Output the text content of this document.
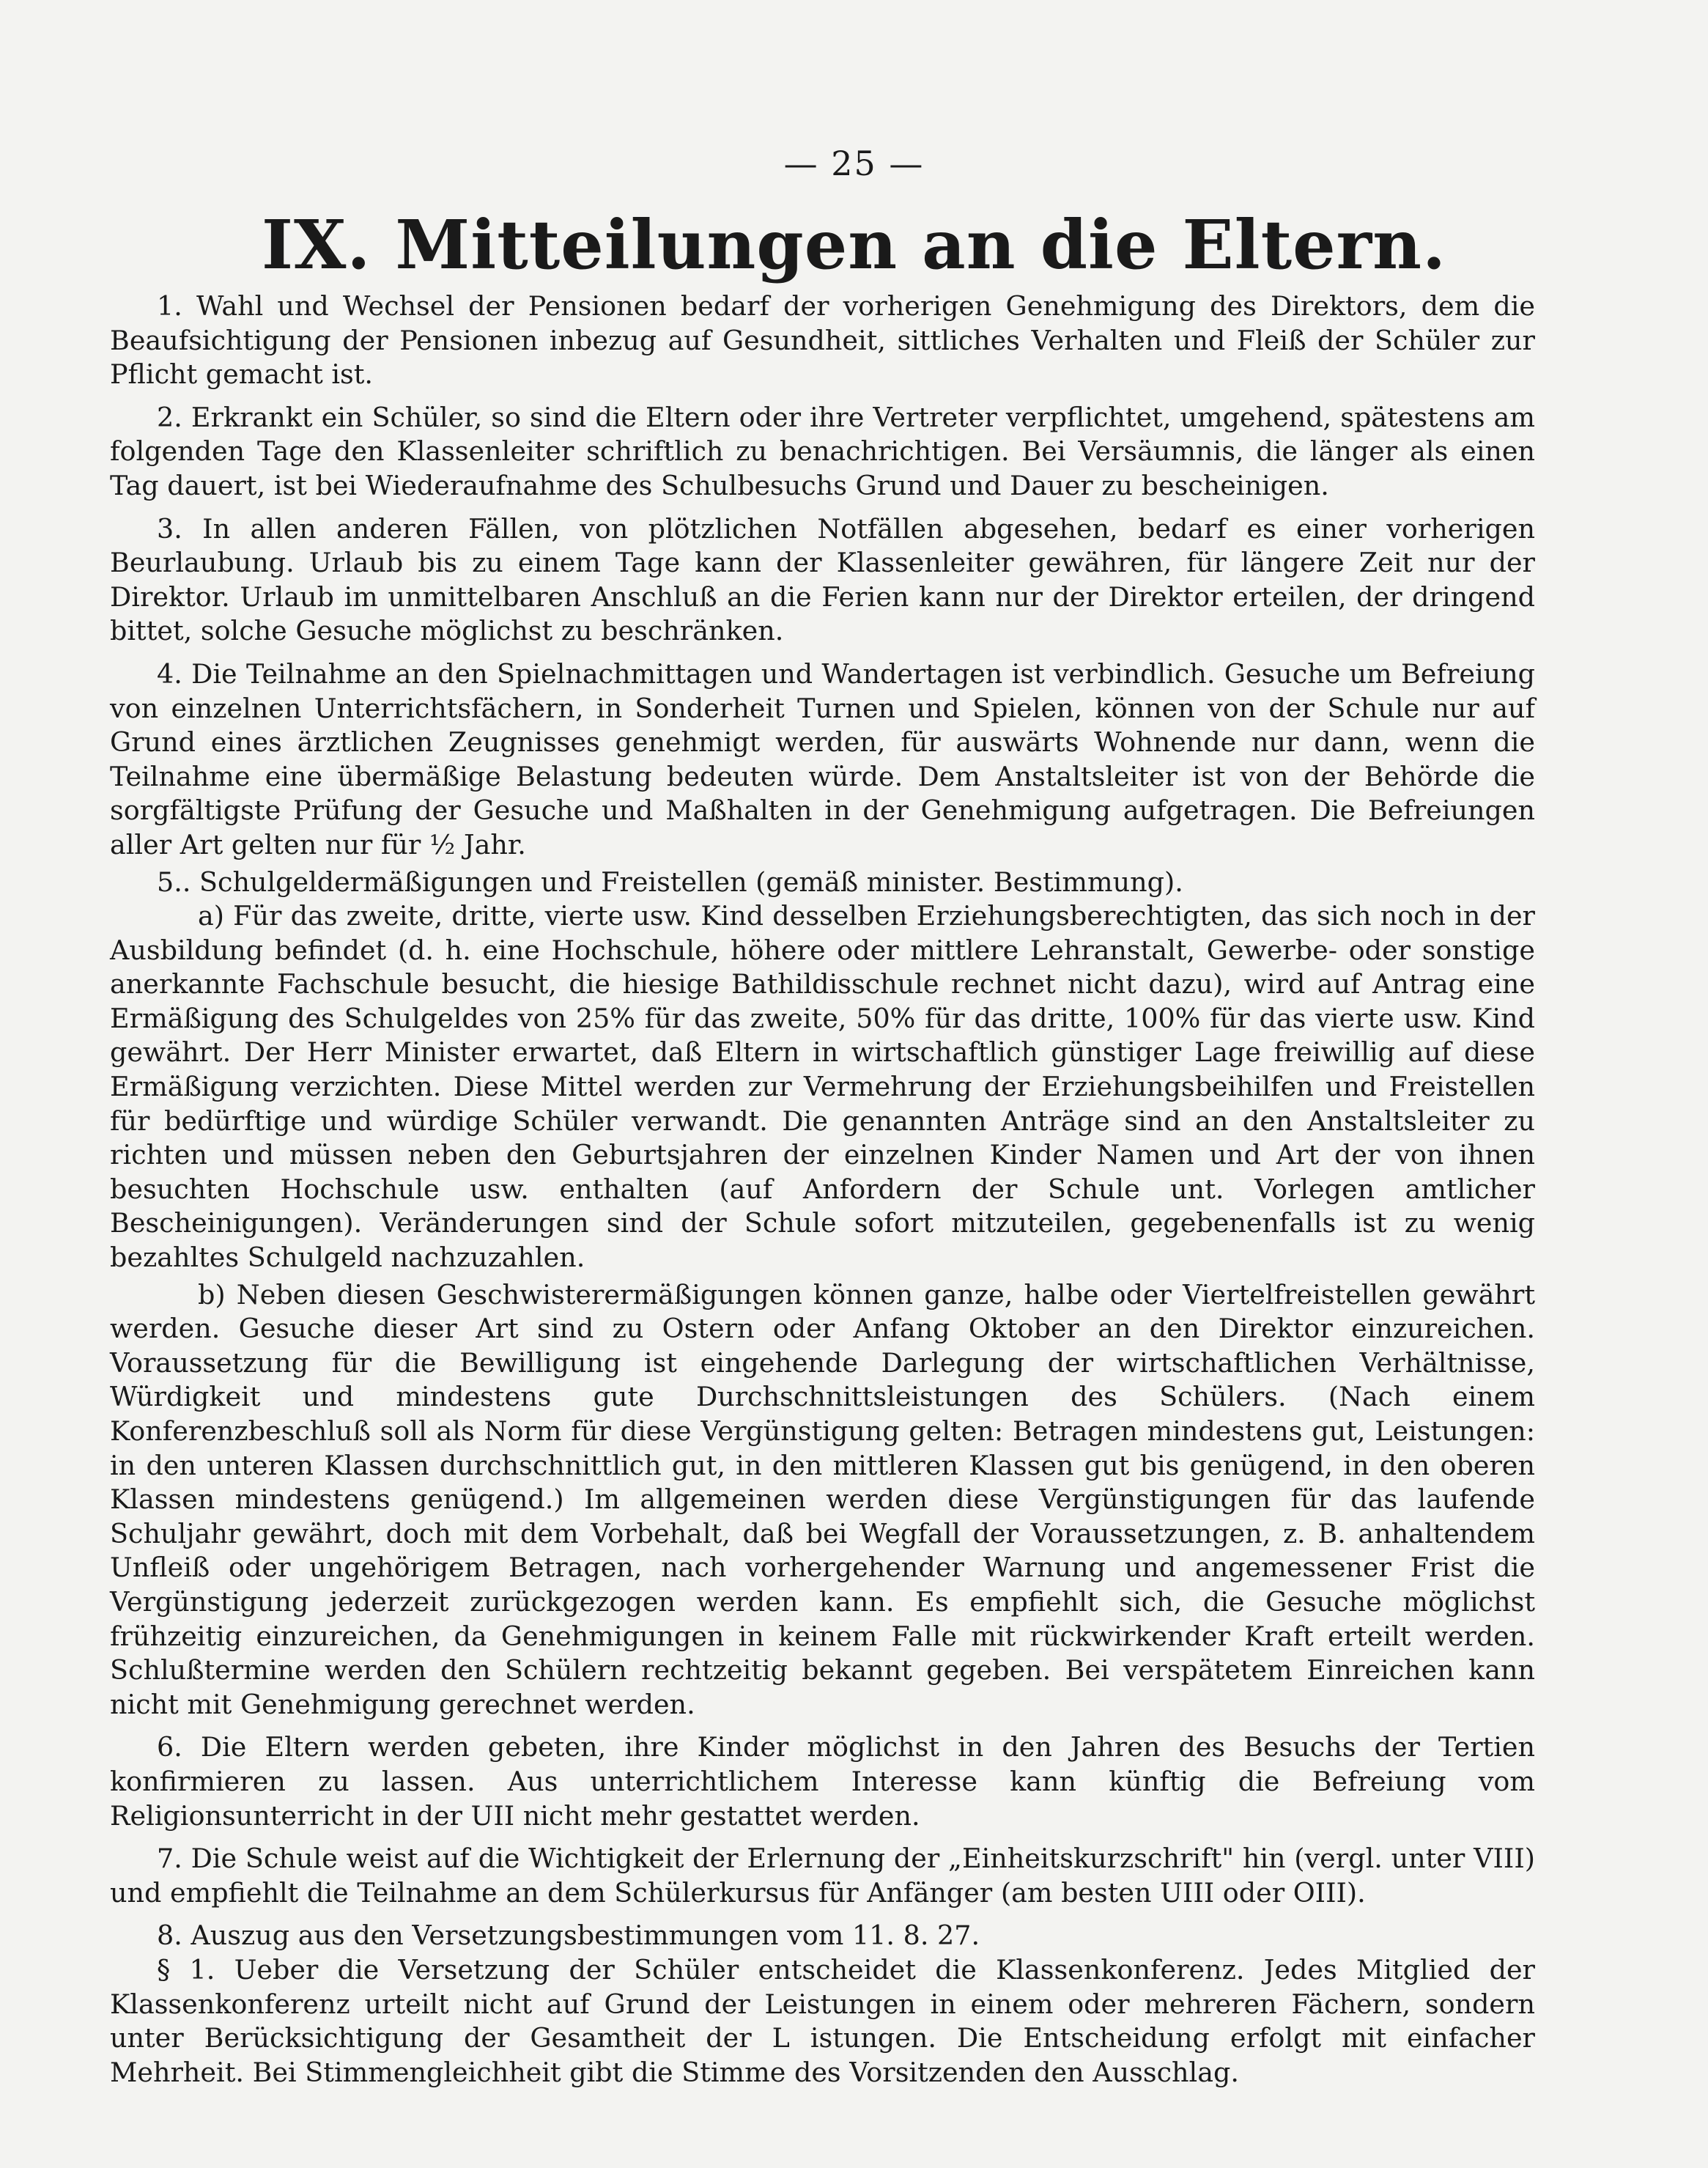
— 25 —
IX. Mitteilungen an die Eltern.

1. Wahl und Wechsel der Pensionen bedarf der vorherigen Genehmigung des Direktors, dem die Beaufsichtigung der Pensionen inbezug auf Gesundheit, sittliches Verhalten und Fleiß der Schüler zur Pflicht gemacht ist.

2. Erkrankt ein Schüler, so sind die Eltern oder ihre Vertreter verpflichtet, umgehend, spätestens am folgenden Tage den Klassenleiter schriftlich zu benachrichtigen. Bei Versäumnis, die länger als einen Tag dauert, ist bei Wiederaufnahme des Schulbesuchs Grund und Dauer zu bescheinigen.

3. In allen anderen Fällen, von plötzlichen Notfällen abgesehen, bedarf es einer vorherigen Beurlaubung. Urlaub bis zu einem Tage kann der Klassenleiter gewähren, für längere Zeit nur der Direktor. Urlaub im unmittelbaren Anschluß an die Ferien kann nur der Direktor erteilen, der dringend bittet, solche Gesuche möglichst zu beschränken.

4. Die Teilnahme an den Spielnachmittagen und Wandertagen ist verbindlich. Gesuche um Befreiung von einzelnen Unterrichtsfächern, in Sonderheit Turnen und Spielen, können von der Schule nur auf Grund eines ärztlichen Zeugnisses genehmigt werden, für auswärts Wohnende nur dann, wenn die Teilnahme eine übermäßige Belastung bedeuten würde. Dem Anstaltsleiter ist von der Behörde die sorgfältigste Prüfung der Gesuche und Maßhalten in der Genehmigung aufgetragen. Die Befreiungen aller Art gelten nur für ½ Jahr.

5.. Schulgeldermäßigungen und Freistellen (gemäß minister. Bestimmung).

a) Für das zweite, dritte, vierte usw. Kind desselben Erziehungsberechtigten, das sich noch in der Ausbildung befindet (d. h. eine Hochschule, höhere oder mittlere Lehranstalt, Gewerbe- oder sonstige anerkannte Fachschule besucht, die hiesige Bathildisschule rechnet nicht dazu), wird auf Antrag eine Ermäßigung des Schulgeldes von 25% für das zweite, 50% für das dritte, 100% für das vierte usw. Kind gewährt. Der Herr Minister erwartet, daß Eltern in wirtschaftlich günstiger Lage freiwillig auf diese Ermäßigung verzichten. Diese Mittel werden zur Vermehrung der Erziehungsbeihilfen und Freistellen für bedürftige und würdige Schüler verwandt. Die genannten Anträge sind an den Anstaltsleiter zu richten und müssen neben den Geburtsjahren der einzelnen Kinder Namen und Art der von ihnen besuchten Hochschule usw. enthalten (auf Anfordern der Schule unt. Vorlegen amtlicher Bescheinigungen). Veränderungen sind der Schule sofort mitzuteilen, gegebenenfalls ist zu wenig bezahltes Schulgeld nachzuzahlen.

b) Neben diesen Geschwisterermäßigungen können ganze, halbe oder Viertelfreistellen gewährt werden. Gesuche dieser Art sind zu Ostern oder Anfang Oktober an den Direktor einzureichen. Voraussetzung für die Bewilligung ist eingehende Darlegung der wirtschaftlichen Verhältnisse, Würdigkeit und mindestens gute Durchschnittsleistungen des Schülers. (Nach einem Konferenzbeschluß soll als Norm für diese Vergünstigung gelten: Betragen mindestens gut, Leistungen: in den unteren Klassen durchschnittlich gut, in den mittleren Klassen gut bis genügend, in den oberen Klassen mindestens genügend.) Im allgemeinen werden diese Vergünstigungen für das laufende Schuljahr gewährt, doch mit dem Vorbehalt, daß bei Wegfall der Voraussetzungen, z. B. anhaltendem Unfleiß oder ungehörigem Betragen, nach vorhergehender Warnung und angemessener Frist die Vergünstigung jederzeit zurückgezogen werden kann. Es empfiehlt sich, die Gesuche möglichst frühzeitig einzureichen, da Genehmigungen in keinem Falle mit rückwirkender Kraft erteilt werden. Schlußtermine werden den Schülern rechtzeitig bekannt gegeben. Bei verspätetem Einreichen kann nicht mit Genehmigung gerechnet werden.

6. Die Eltern werden gebeten, ihre Kinder möglichst in den Jahren des Besuchs der Tertien konfirmieren zu lassen. Aus unterrichtlichem Interesse kann künftig die Befreiung vom Religionsunterricht in der UII nicht mehr gestattet werden.

7. Die Schule weist auf die Wichtigkeit der Erlernung der „Einheitskurzschrift" hin (vergl. unter VIII) und empfiehlt die Teilnahme an dem Schülerkursus für Anfänger (am besten UIII oder OIII).

8. Auszug aus den Versetzungsbestimmungen vom 11. 8. 27.

§ 1. Ueber die Versetzung der Schüler entscheidet die Klassenkonferenz. Jedes Mitglied der Klassenkonferenz urteilt nicht auf Grund der Leistungen in einem oder mehreren Fächern, sondern unter Berücksichtigung der Gesamtheit der L istungen. Die Entscheidung erfolgt mit einfacher Mehrheit. Bei Stimmengleichheit gibt die Stimme des Vorsitzenden den Ausschlag.
